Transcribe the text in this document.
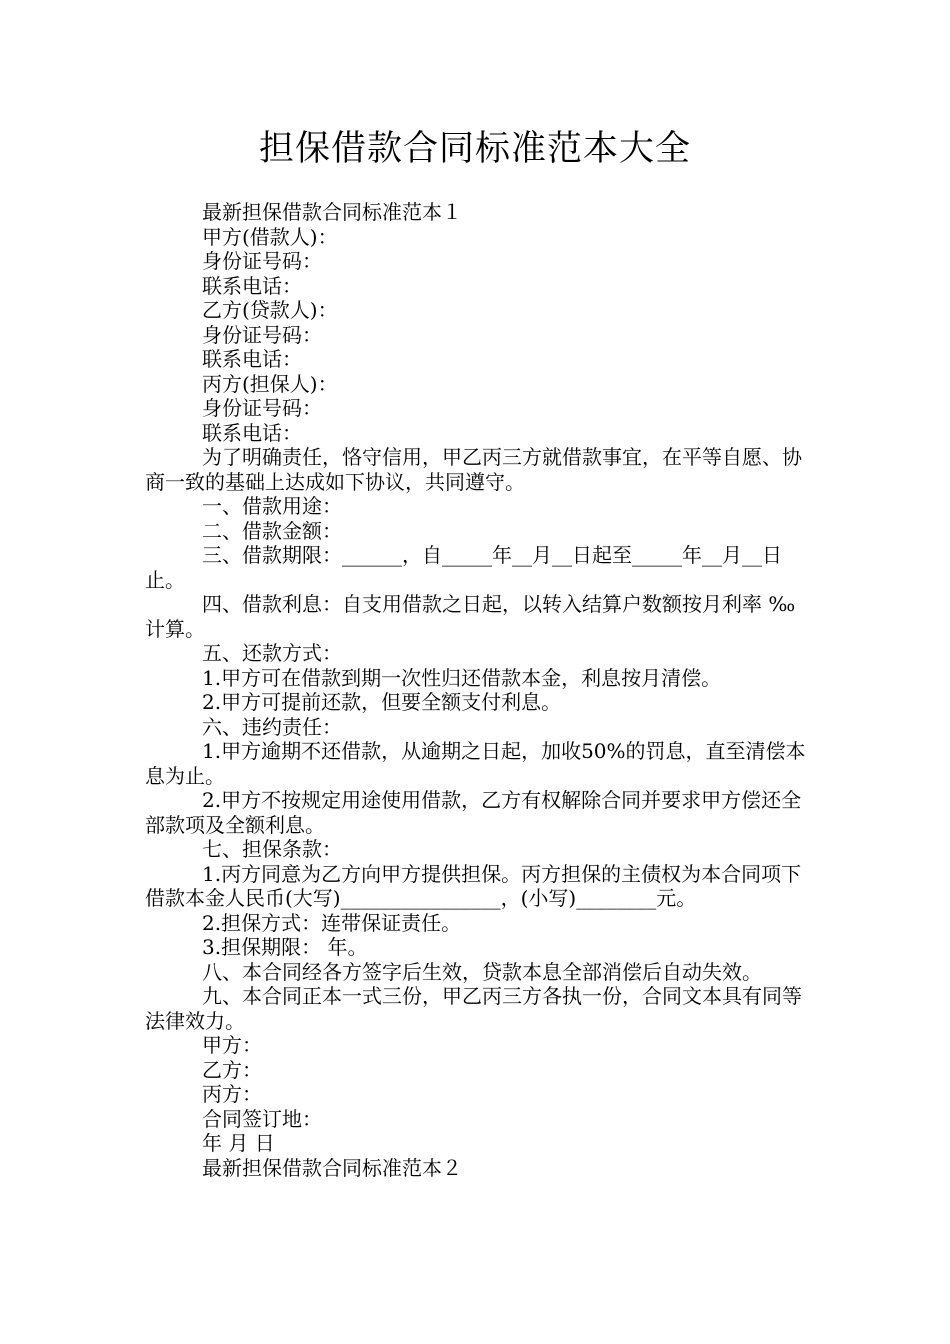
担保借款合同标准范本大全

最新担保借款合同标准范本１

甲方(借款人)：

身份证号码：

联系电话：

乙方(贷款人)：

身份证号码：

联系电话：

丙方(担保人)：

身份证号码：

联系电话：

为了明确责任，恪守信用，甲乙丙三方就借款事宜，在平等自愿、协商一致的基础上达成如下协议，共同遵守。

一、借款用途：

二、借款金额：

三、借款期限：______，自_____年__月__日起至_____年__月__日止。

四、借款利息：自支用借款之日起，以转入结算户数额按月利率 ‰计算。

五、还款方式：

1.甲方可在借款到期一次性归还借款本金，利息按月清偿。

2.甲方可提前还款，但要全额支付利息。

六、违约责任：

1.甲方逾期不还借款，从逾期之日起，加收50%的罚息，直至清偿本息为止。

2.甲方不按规定用途使用借款，乙方有权解除合同并要求甲方偿还全部款项及全额利息。

七、担保条款：

1.丙方同意为乙方向甲方提供担保。丙方担保的主债权为本合同项下借款本金人民币(大写)________________，(小写)________元。

2.担保方式：连带保证责任。

3.担保期限： 年。

八、本合同经各方签字后生效，贷款本息全部消偿后自动失效。

九、本合同正本一式三份，甲乙丙三方各执一份，合同文本具有同等法律效力。

甲方：

乙方：

丙方：

合同签订地：

年 月 日

最新担保借款合同标准范本２
